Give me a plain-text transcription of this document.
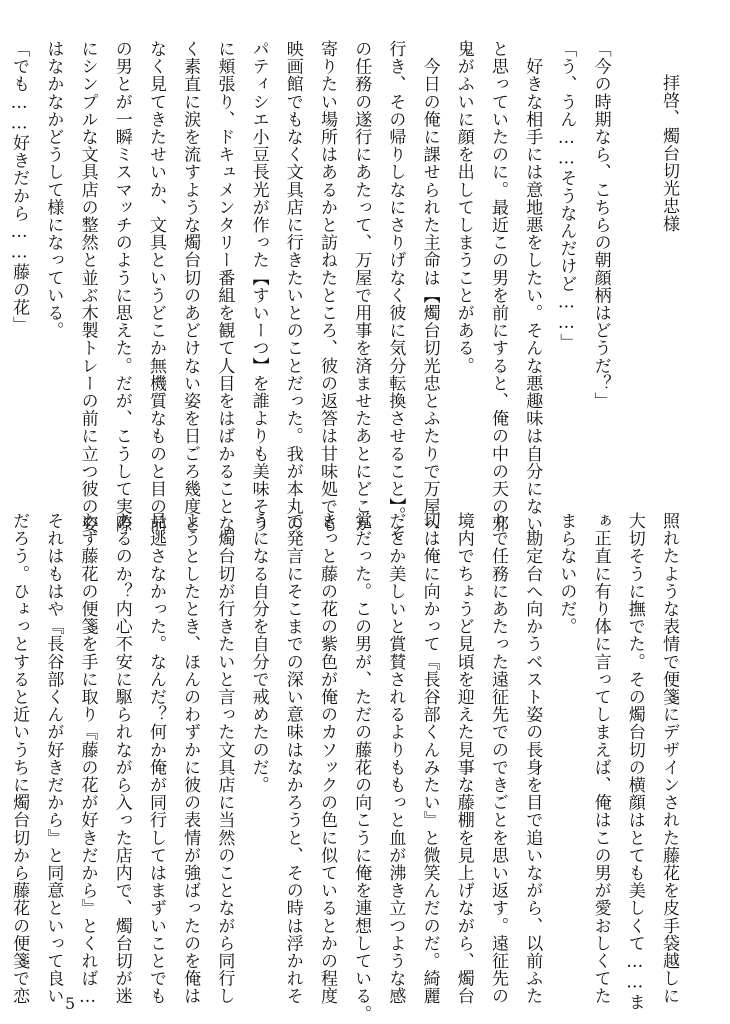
拝啓、燭台切光忠様
「今の時期なら、こちらの朝顔柄はどうだ？」
「う、うん……そうなんだけど……」
　好きな相手には意地悪をしたい。そんな悪趣味は自分にない
と思っていたのに。最近この男を前にすると、俺の中の天の邪
鬼がふいに顔を出してしまうことがある。
　今日の俺に課せられた主命は【燭台切光忠とふたりで万屋へ
行き、その帰りしなにさりげなく彼に気分転換させること】。そ
の任務の遂行にあたって、万屋で用事を済ませたあとにどこか
寄りたい場所はあるかと訪ねたところ、彼の返答は甘味処でも
映画館でもなく文具店に行きたいとのことだった。我が本丸の
パティシエ小豆長光が作った【すいーつ】を誰よりも美味そう
に頬張り、ドキュメンタリー番組を観て人目をはばかることな
く素直に涙を流すような燭台切のあどけない姿を日ごろ幾度と
なく見てきたせいか、文具というどこか無機質なものと目の前
の男とが一瞬ミスマッチのように思えた。だが、こうして実際
にシンプルな文具店の整然と並ぶ木製トレーの前に立つ彼の姿
はなかなかどうして様になっている。
「でも……好きだから……藤の花」
照れたような表情で便箋にデザインされた藤花を皮手袋越しに
大切そうに撫でた。その燭台切の横顔はとても美しくて……ま
ぁ正直に有り体に言ってしまえば、俺はこの男が愛おしくてた
まらないのだ。
　勘定台へ向かうベスト姿の長身を目で追いながら、以前ふた
りで任務にあたった遠征先でのできごとを思い返す。遠征先の
境内でちょうど見頃を迎えた見事な藤棚を見上げながら、燭台
切は俺に向かって『長谷部くんみたい』と微笑んだのだ。綺麗
だとか美しいと賞賛されるよりももっと血が沸き立つような感
覚だった。この男が、ただの藤花の向こうに俺を連想している。
きっと藤の花の紫色が俺のカソックの色に似ているとかの程度
で発言にそこまでの深い意味はなかろうと、その時は浮かれそ
うになる自分を自分で戒めたのだ。
　燭台切が行きたいと言った文具店に当然のことながら同行し
ようとしたとき、ほんのわずかに彼の表情が強ばったのを俺は
見逃さなかった。なんだ？何か俺が同行してはまずいことでも
あるのか？内心不安に駆られながら入った店内で、燭台切が迷
わず藤花の便箋を手に取り『藤の花が好きだから』とくれば…
それはもはや『長谷部くんが好きだから』と同意といって良い
だろう。ひょっとすると近いうちに燭台切から藤花の便箋で恋	5
